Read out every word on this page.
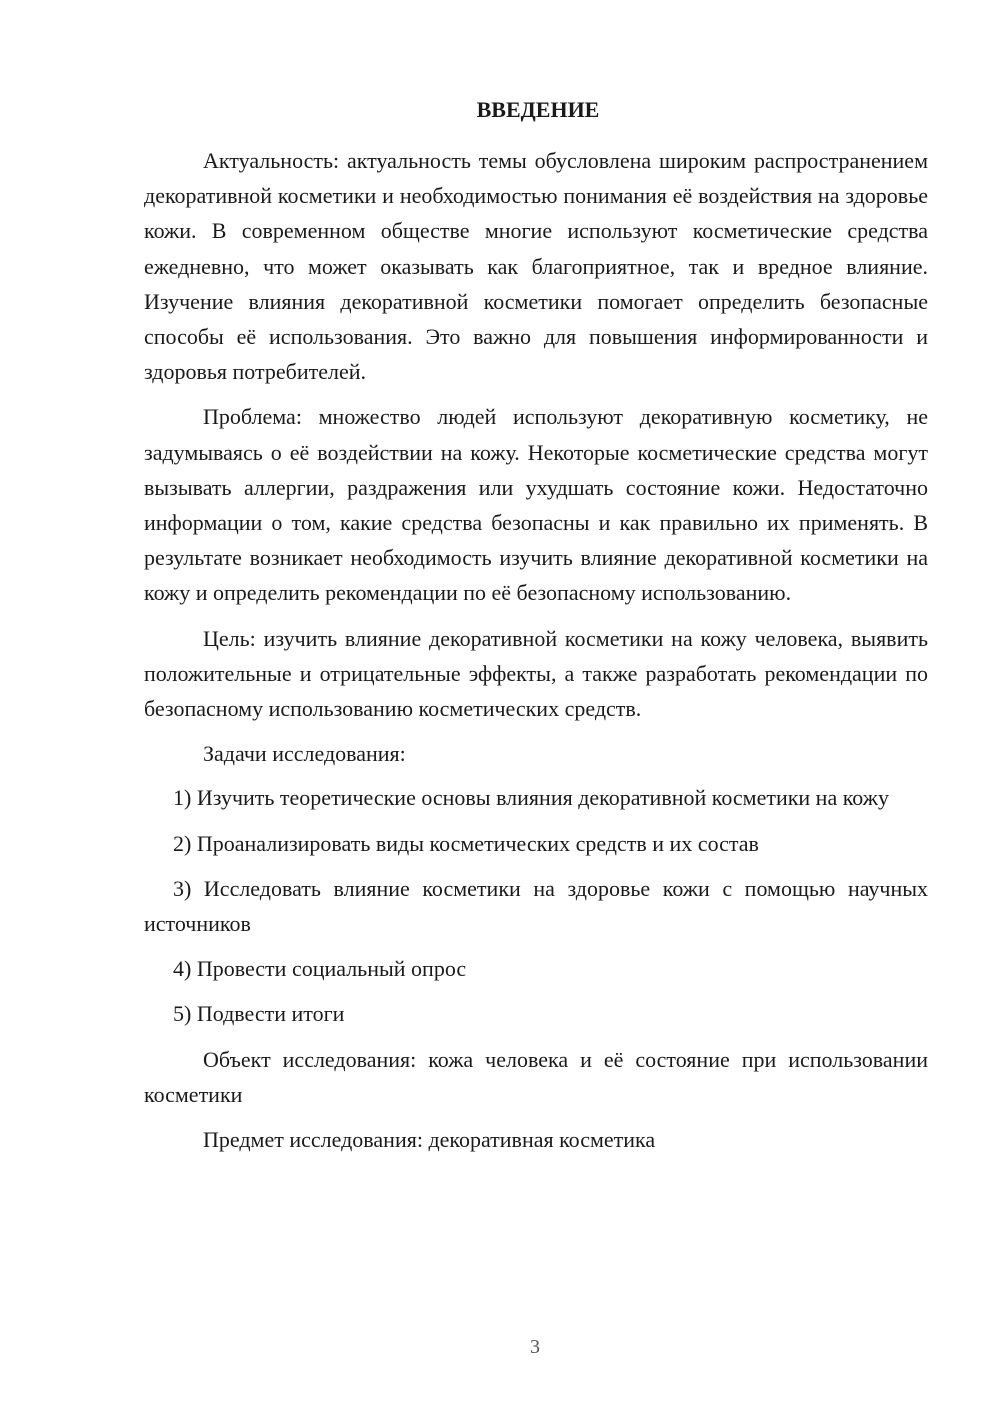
ВВЕДЕНИЕ

Актуальность: актуальность темы обусловлена широким распространением декоративной косметики и необходимостью понимания её воздействия на здоровье кожи. В современном обществе многие используют косметические средства ежедневно, что может оказывать как благоприятное, так и вредное влияние. Изучение влияния декоративной косметики помогает определить безопасные способы её использования. Это важно для повышения информированности и здоровья потребителей.

Проблема: множество людей используют декоративную косметику, не задумываясь о её воздействии на кожу. Некоторые косметические средства могут вызывать аллергии, раздражения или ухудшать состояние кожи. Недостаточно информации о том, какие средства безопасны и как правильно их применять. В результате возникает необходимость изучить влияние декоративной косметики на кожу и определить рекомендации по её безопасному использованию.

Цель: изучить влияние декоративной косметики на кожу человека, выявить положительные и отрицательные эффекты, а также разработать рекомендации по безопасному использованию косметических средств.

Задачи исследования:

1) Изучить теоретические основы влияния декоративной косметики на кожу

2) Проанализировать виды косметических средств и их состав

3) Исследовать влияние косметики на здоровье кожи с помощью научных источников

4) Провести социальный опрос

5) Подвести итоги

Объект исследования: кожа человека и её состояние при использовании косметики

Предмет исследования: декоративная косметика

3
